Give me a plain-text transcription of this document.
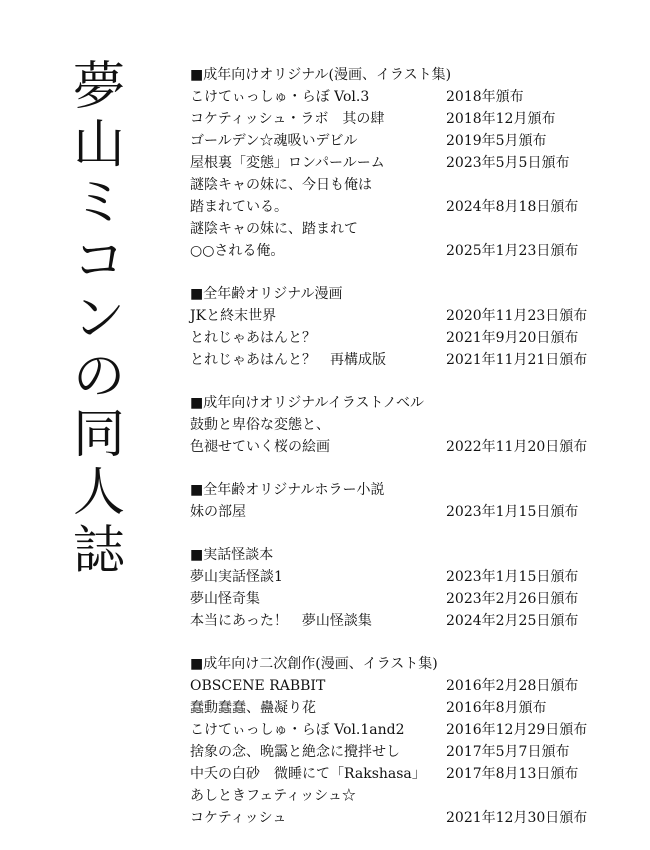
夢
山
ミ
コ
ン
の
同
人
誌
■成年向けオリジナル(漫画、イラスト集)
こけてぃっしゅ・らぼ Vol.3	2018年頒布
コケティッシュ・ラボ　其の肆	2018年12月頒布
ゴールデン☆魂吸いデビル	2019年5月頒布
屋根裏「変態」ロンパールーム	2023年5月5日頒布
謎陰キャの妹に、今日も俺は
踏まれている。	2024年8月18日頒布
謎陰キャの妹に、踏まれて
○○される俺。	2025年1月23日頒布
■全年齢オリジナル漫画
JKと終末世界	2020年11月23日頒布
とれじゃあはんと？	2021年9月20日頒布
とれじゃあはんと？　再構成版	2021年11月21日頒布
■成年向けオリジナルイラストノベル
鼓動と卑俗な変態と、
色褪せていく桜の絵画	2022年11月20日頒布
■全年齢オリジナルホラー小説
妹の部屋	2023年1月15日頒布
■実話怪談本
夢山実話怪談1	2023年1月15日頒布
夢山怪奇集	2023年2月26日頒布
本当にあった！　夢山怪談集	2024年2月25日頒布
■成年向け二次創作(漫画、イラスト集)
OBSCENE RABBIT	2016年2月28日頒布
蠢動蠢蠢、蠱凝り花	2016年8月頒布
こけてぃっしゅ・らぼ Vol.1and2	2016年12月29日頒布
捨象の念、晩靄と絶念に攪拌せし	2017年5月7日頒布
中夭の白砂　微睡にて「Rakshasa」 2017年8月13日頒布
あしときフェティッシュ☆
コケティッシュ	2021年12月30日頒布
